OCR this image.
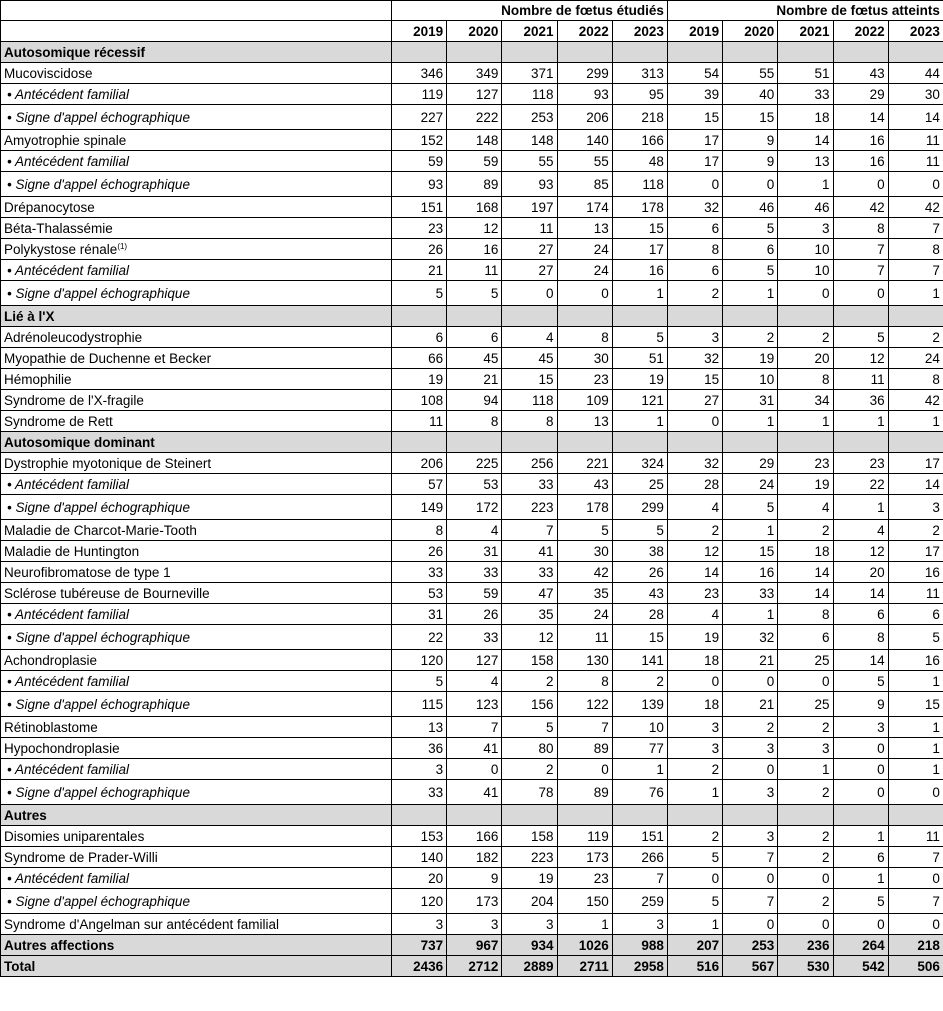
	Nombre de fœtus étudiés					Nombre de fœtus atteints				
	2019	2020	2021	2022	2023	2019	2020	2021	2022	2023
Autosomique récessif										
Mucoviscidose	346	349	371	299	313	54	55	51	43	44
• Antécédent familial	119	127	118	93	95	39	40	33	29	30
• Signe d'appel échographique	227	222	253	206	218	15	15	18	14	14
Amyotrophie spinale	152	148	148	140	166	17	9	14	16	11
• Antécédent familial	59	59	55	55	48	17	9	13	16	11
• Signe d'appel échographique	93	89	93	85	118	0	0	1	0	0
Drépanocytose	151	168	197	174	178	32	46	46	42	42
Béta-Thalassémie	23	12	11	13	15	6	5	3	8	7
Polykystose rénale$^{(1)}$	26	16	27	24	17	8	6	10	7	8
• Antécédent familial	21	11	27	24	16	6	5	10	7	7
• Signe d'appel échographique	5	5	0	0	1	2	1	0	0	1
Lié à l'X										
Adrénoleucodystrophie	6	6	4	8	5	3	2	2	5	2
Myopathie de Duchenne et Becker	66	45	45	30	51	32	19	20	12	24
Hémophilie	19	21	15	23	19	15	10	8	11	8
Syndrome de l'X-fragile	108	94	118	109	121	27	31	34	36	42
Syndrome de Rett	11	8	8	13	1	0	1	1	1	1
Autosomique dominant										
Dystrophie myotonique de Steinert	206	225	256	221	324	32	29	23	23	17
• Antécédent familial	57	53	33	43	25	28	24	19	22	14
• Signe d'appel échographique	149	172	223	178	299	4	5	4	1	3
Maladie de Charcot-Marie-Tooth	8	4	7	5	5	2	1	2	4	2
Maladie de Huntington	26	31	41	30	38	12	15	18	12	17
Neurofibromatose de type 1	33	33	33	42	26	14	16	14	20	16
Sclérose tubéreuse de Bourneville	53	59	47	35	43	23	33	14	14	11
• Antécédent familial	31	26	35	24	28	4	1	8	6	6
• Signe d'appel échographique	22	33	12	11	15	19	32	6	8	5
Achondroplasie	120	127	158	130	141	18	21	25	14	16
• Antécédent familial	5	4	2	8	2	0	0	0	5	1
• Signe d'appel échographique	115	123	156	122	139	18	21	25	9	15
Rétinoblastome	13	7	5	7	10	3	2	2	3	1
Hypochondroplasie	36	41	80	89	77	3	3	3	0	1
• Antécédent familial	3	0	2	0	1	2	0	1	0	1
• Signe d'appel échographique	33	41	78	89	76	1	3	2	0	0
Autres										
Disomies uniparentales	153	166	158	119	151	2	3	2	1	11
Syndrome de Prader-Willi	140	182	223	173	266	5	7	2	6	7
• Antécédent familial	20	9	19	23	7	0	0	0	1	0
• Signe d'appel échographique	120	173	204	150	259	5	7	2	5	7
Syndrome d'Angelman sur antécédent familial	3	3	3	1	3	1	0	0	0	0
Autres affections	737	967	934	1026	988	207	253	236	264	218
Total	2436	2712	2889	2711	2958	516	567	530	542	506
